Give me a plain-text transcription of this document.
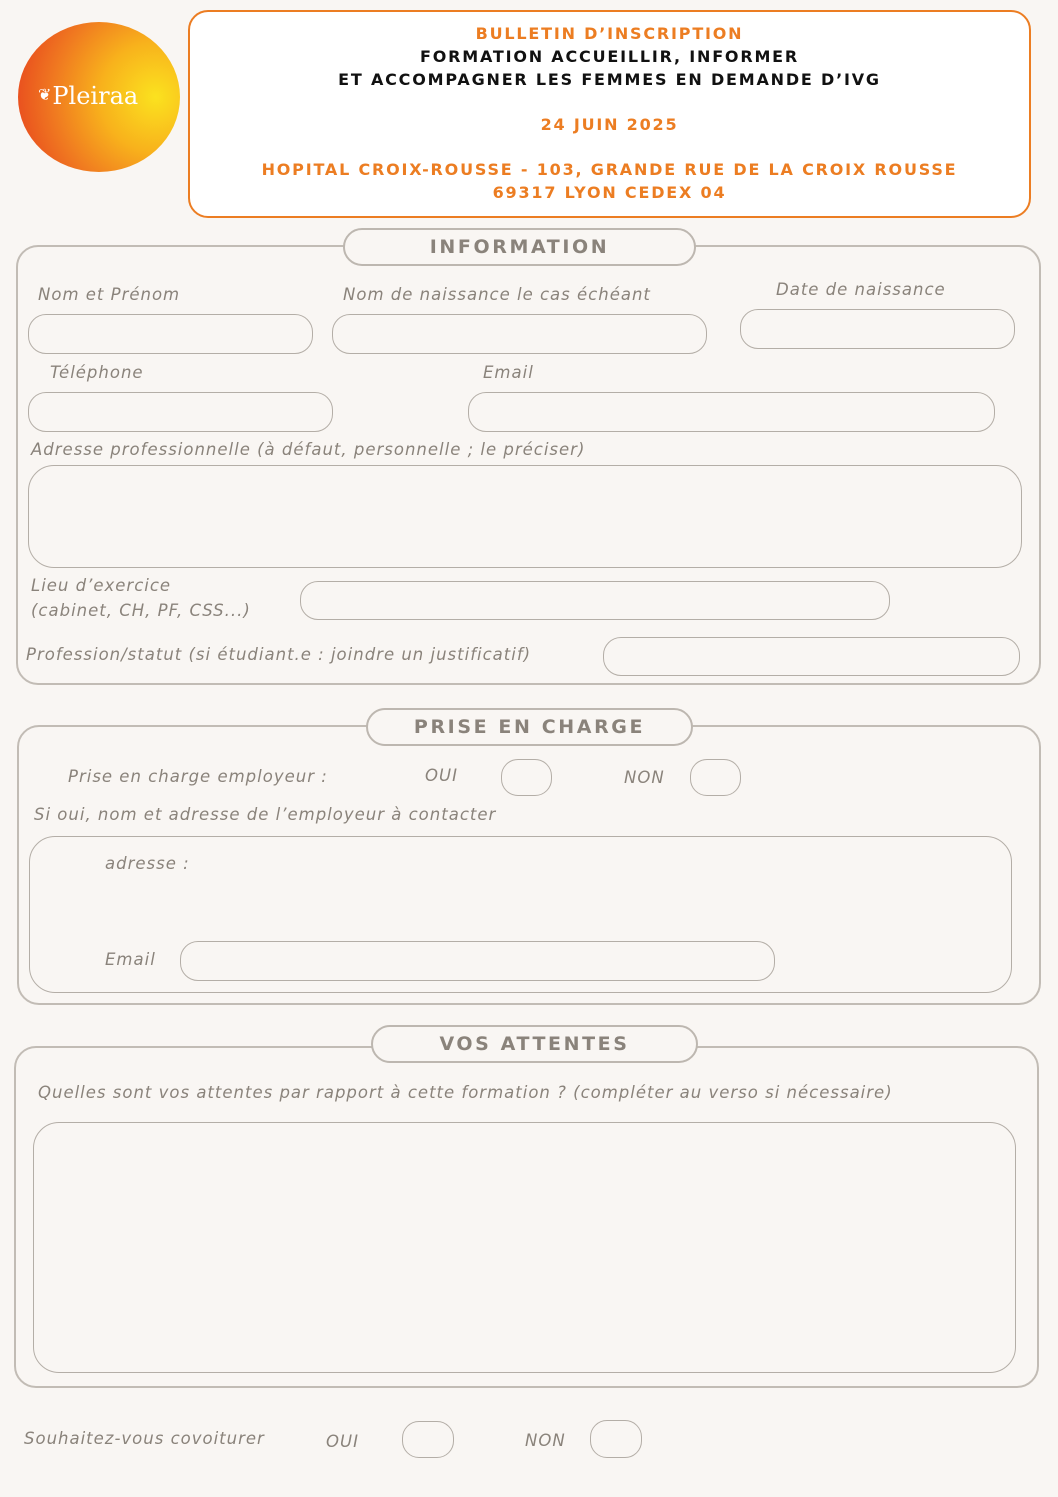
❦Pleiraa
BULLETIN D’INSCRIPTION
FORMATION ACCUEILLIR, INFORMER
ET ACCOMPAGNER LES FEMMES EN DEMANDE D’IVG
24 JUIN 2025
HOPITAL CROIX-ROUSSE - 103, GRANDE RUE DE LA CROIX ROUSSE
69317 LYON CEDEX 04
INFORMATION
Nom et Prénom	Nom de naissance le cas échéant	Date de naissance
Téléphone	Email
Adresse professionnelle (à défaut, personnelle ; le préciser)
Lieu d’exercice
(cabinet, CH, PF, CSS...)
Profession/statut (si étudiant.e : joindre un justificatif)
PRISE EN CHARGE
Prise en charge employeur :	OUI	NON
Si oui, nom et adresse de l’employeur à contacter
adresse :
Email
VOS ATTENTES
Quelles sont vos attentes par rapport à cette formation ? (compléter au verso si nécessaire)
Souhaitez-vous covoiturer	OUI	NON
